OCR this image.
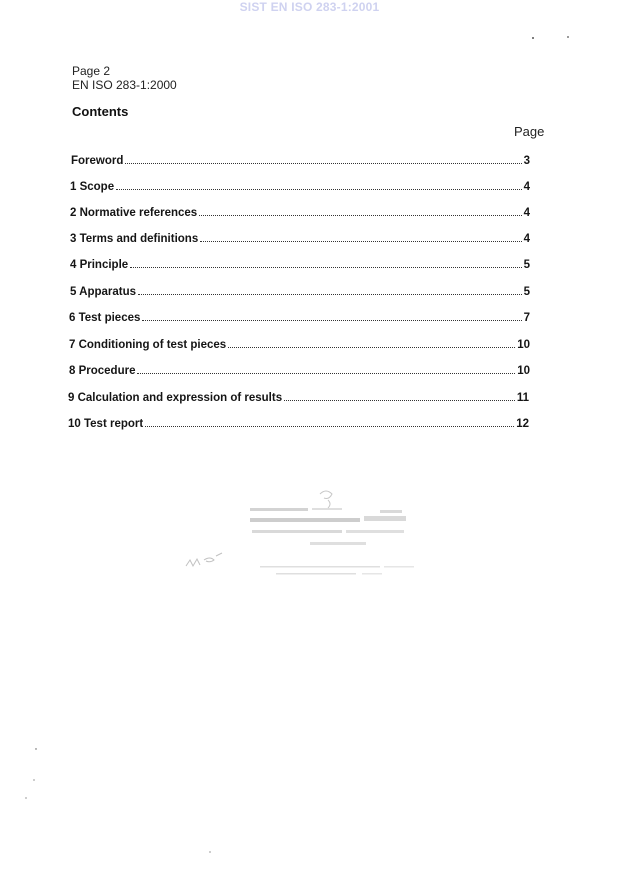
SIST EN ISO 283-1:2001
Page 2
EN ISO 283-1:2000
Contents
Page
Foreword	3
1 Scope	4
2 Normative references	4
3 Terms and definitions	4
4 Principle	5
5 Apparatus	5
6 Test pieces	7
7 Conditioning of test pieces	10
8 Procedure	10
9 Calculation and expression of results	11
10 Test report	12
